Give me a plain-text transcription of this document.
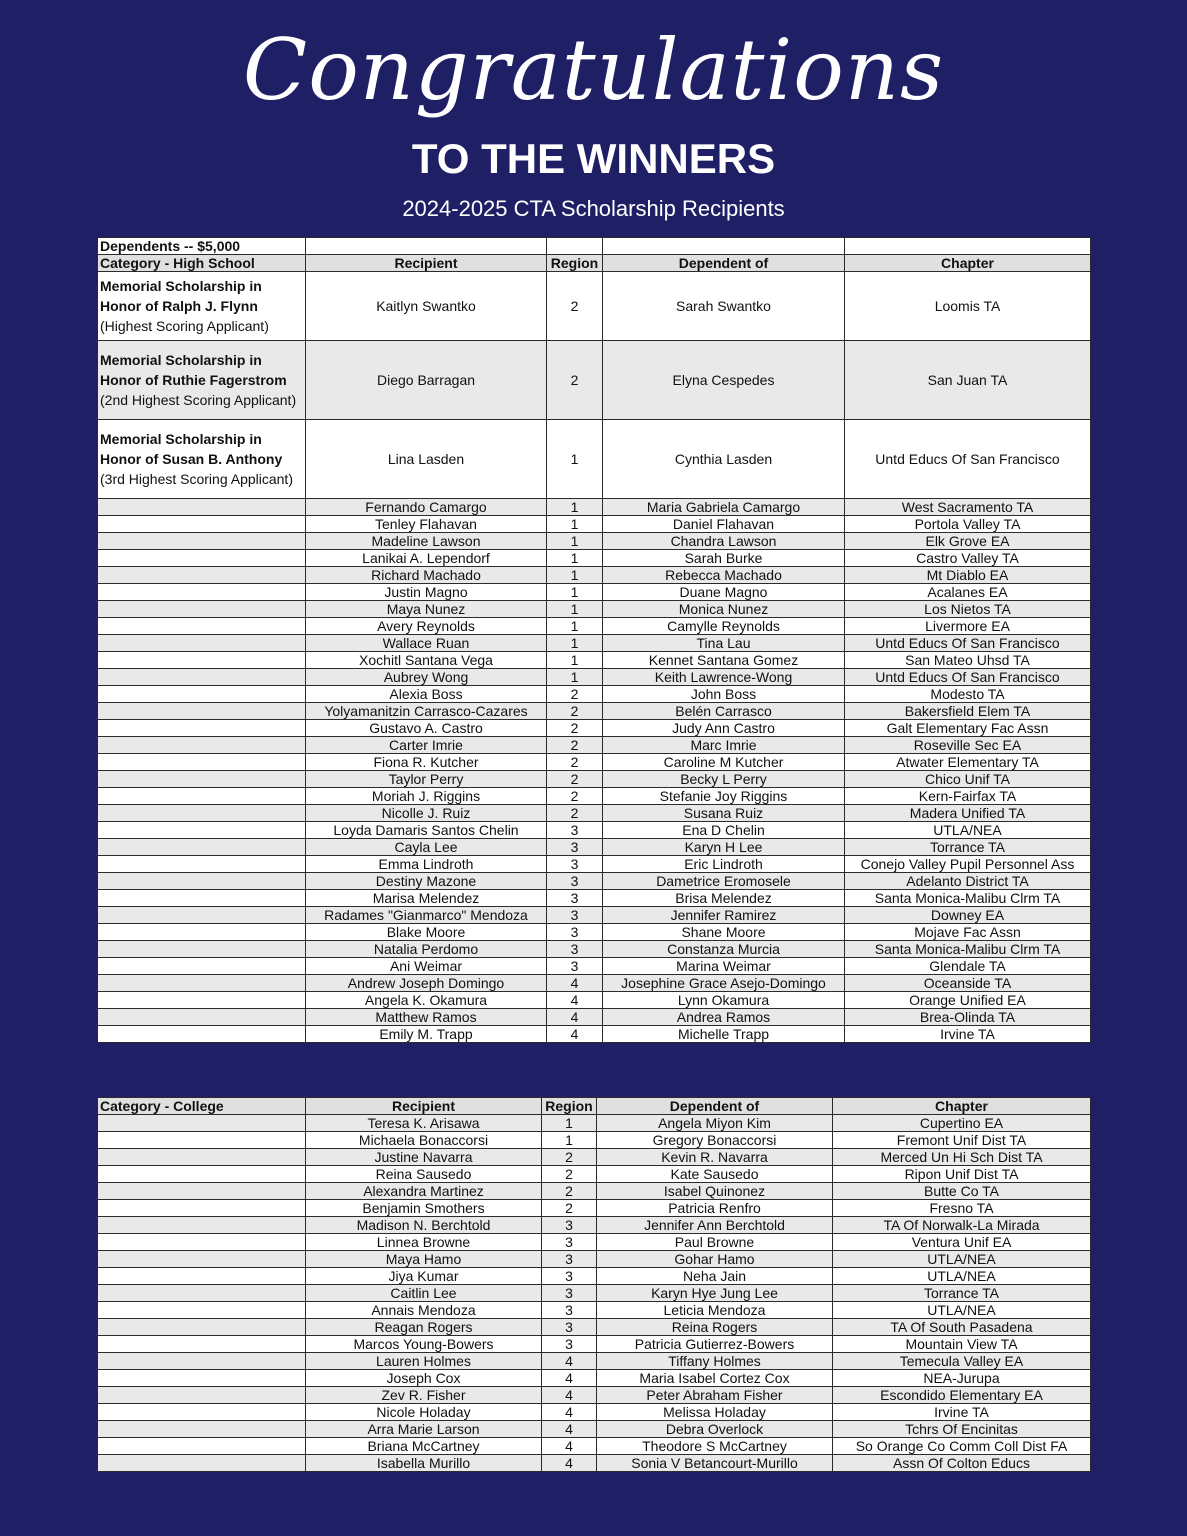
Congratulations
TO THE WINNERS
2024-2025 CTA Scholarship Recipients
Dependents -- $5,000				
Category - High School	Recipient	Region	Dependent of	Chapter
Memorial Scholarship in Honor of Ralph J. Flynn (Highest Scoring Applicant)	Kaitlyn Swantko	2	Sarah Swantko	Loomis TA
Memorial Scholarship in Honor of Ruthie Fagerstrom (2nd Highest Scoring Applicant)	Diego Barragan	2	Elyna Cespedes	San Juan TA
Memorial Scholarship in Honor of Susan B. Anthony (3rd Highest Scoring Applicant)	Lina Lasden	1	Cynthia Lasden	Untd Educs Of San Francisco
	Fernando Camargo	1	Maria Gabriela Camargo	West Sacramento TA
	Tenley Flahavan	1	Daniel Flahavan	Portola Valley TA
	Madeline Lawson	1	Chandra Lawson	Elk Grove EA
	Lanikai A. Lependorf	1	Sarah Burke	Castro Valley TA
	Richard Machado	1	Rebecca Machado	Mt Diablo EA
	Justin Magno	1	Duane Magno	Acalanes EA
	Maya Nunez	1	Monica Nunez	Los Nietos TA
	Avery Reynolds	1	Camylle Reynolds	Livermore EA
	Wallace Ruan	1	Tina Lau	Untd Educs Of San Francisco
	Xochitl Santana Vega	1	Kennet Santana Gomez	San Mateo Uhsd TA
	Aubrey Wong	1	Keith Lawrence-Wong	Untd Educs Of San Francisco
	Alexia Boss	2	John Boss	Modesto TA
	Yolyamanitzin Carrasco-Cazares	2	Belén Carrasco	Bakersfield Elem TA
	Gustavo A. Castro	2	Judy Ann Castro	Galt Elementary Fac Assn
	Carter Imrie	2	Marc Imrie	Roseville Sec EA
	Fiona R. Kutcher	2	Caroline M Kutcher	Atwater Elementary TA
	Taylor Perry	2	Becky L Perry	Chico Unif TA
	Moriah J. Riggins	2	Stefanie Joy Riggins	Kern-Fairfax TA
	Nicolle J. Ruiz	2	Susana Ruiz	Madera Unified TA
	Loyda Damaris Santos Chelin	3	Ena D Chelin	UTLA/NEA
	Cayla Lee	3	Karyn H Lee	Torrance TA
	Emma Lindroth	3	Eric Lindroth	Conejo Valley Pupil Personnel Ass
	Destiny Mazone	3	Dametrice Eromosele	Adelanto District TA
	Marisa Melendez	3	Brisa Melendez	Santa Monica-Malibu Clrm TA
	Radames "Gianmarco" Mendoza	3	Jennifer Ramirez	Downey EA
	Blake Moore	3	Shane Moore	Mojave Fac Assn
	Natalia Perdomo	3	Constanza Murcia	Santa Monica-Malibu Clrm TA
	Ani Weimar	3	Marina Weimar	Glendale TA
	Andrew Joseph Domingo	4	Josephine Grace Asejo-Domingo	Oceanside TA
	Angela K. Okamura	4	Lynn Okamura	Orange Unified EA
	Matthew Ramos	4	Andrea Ramos	Brea-Olinda TA
	Emily M. Trapp	4	Michelle Trapp	Irvine TA
Category - College	Recipient	Region	Dependent of	Chapter
	Teresa K. Arisawa	1	Angela Miyon Kim	Cupertino EA
	Michaela Bonaccorsi	1	Gregory Bonaccorsi	Fremont Unif Dist TA
	Justine Navarra	2	Kevin R. Navarra	Merced Un Hi Sch Dist TA
	Reina Sausedo	2	Kate Sausedo	Ripon Unif Dist TA
	Alexandra Martinez	2	Isabel Quinonez	Butte Co TA
	Benjamin Smothers	2	Patricia Renfro	Fresno TA
	Madison N. Berchtold	3	Jennifer Ann Berchtold	TA Of Norwalk-La Mirada
	Linnea Browne	3	Paul Browne	Ventura Unif EA
	Maya Hamo	3	Gohar Hamo	UTLA/NEA
	Jiya Kumar	3	Neha Jain	UTLA/NEA
	Caitlin Lee	3	Karyn Hye Jung Lee	Torrance TA
	Annais Mendoza	3	Leticia Mendoza	UTLA/NEA
	Reagan Rogers	3	Reina Rogers	TA Of South Pasadena
	Marcos Young-Bowers	3	Patricia Gutierrez-Bowers	Mountain View TA
	Lauren Holmes	4	Tiffany Holmes	Temecula Valley EA
	Joseph Cox	4	Maria Isabel Cortez Cox	NEA-Jurupa
	Zev R. Fisher	4	Peter Abraham Fisher	Escondido Elementary EA
	Nicole Holaday	4	Melissa Holaday	Irvine TA
	Arra Marie Larson	4	Debra Overlock	Tchrs Of Encinitas
	Briana McCartney	4	Theodore S McCartney	So Orange Co Comm Coll Dist FA
	Isabella Murillo	4	Sonia V Betancourt-Murillo	Assn Of Colton Educs
